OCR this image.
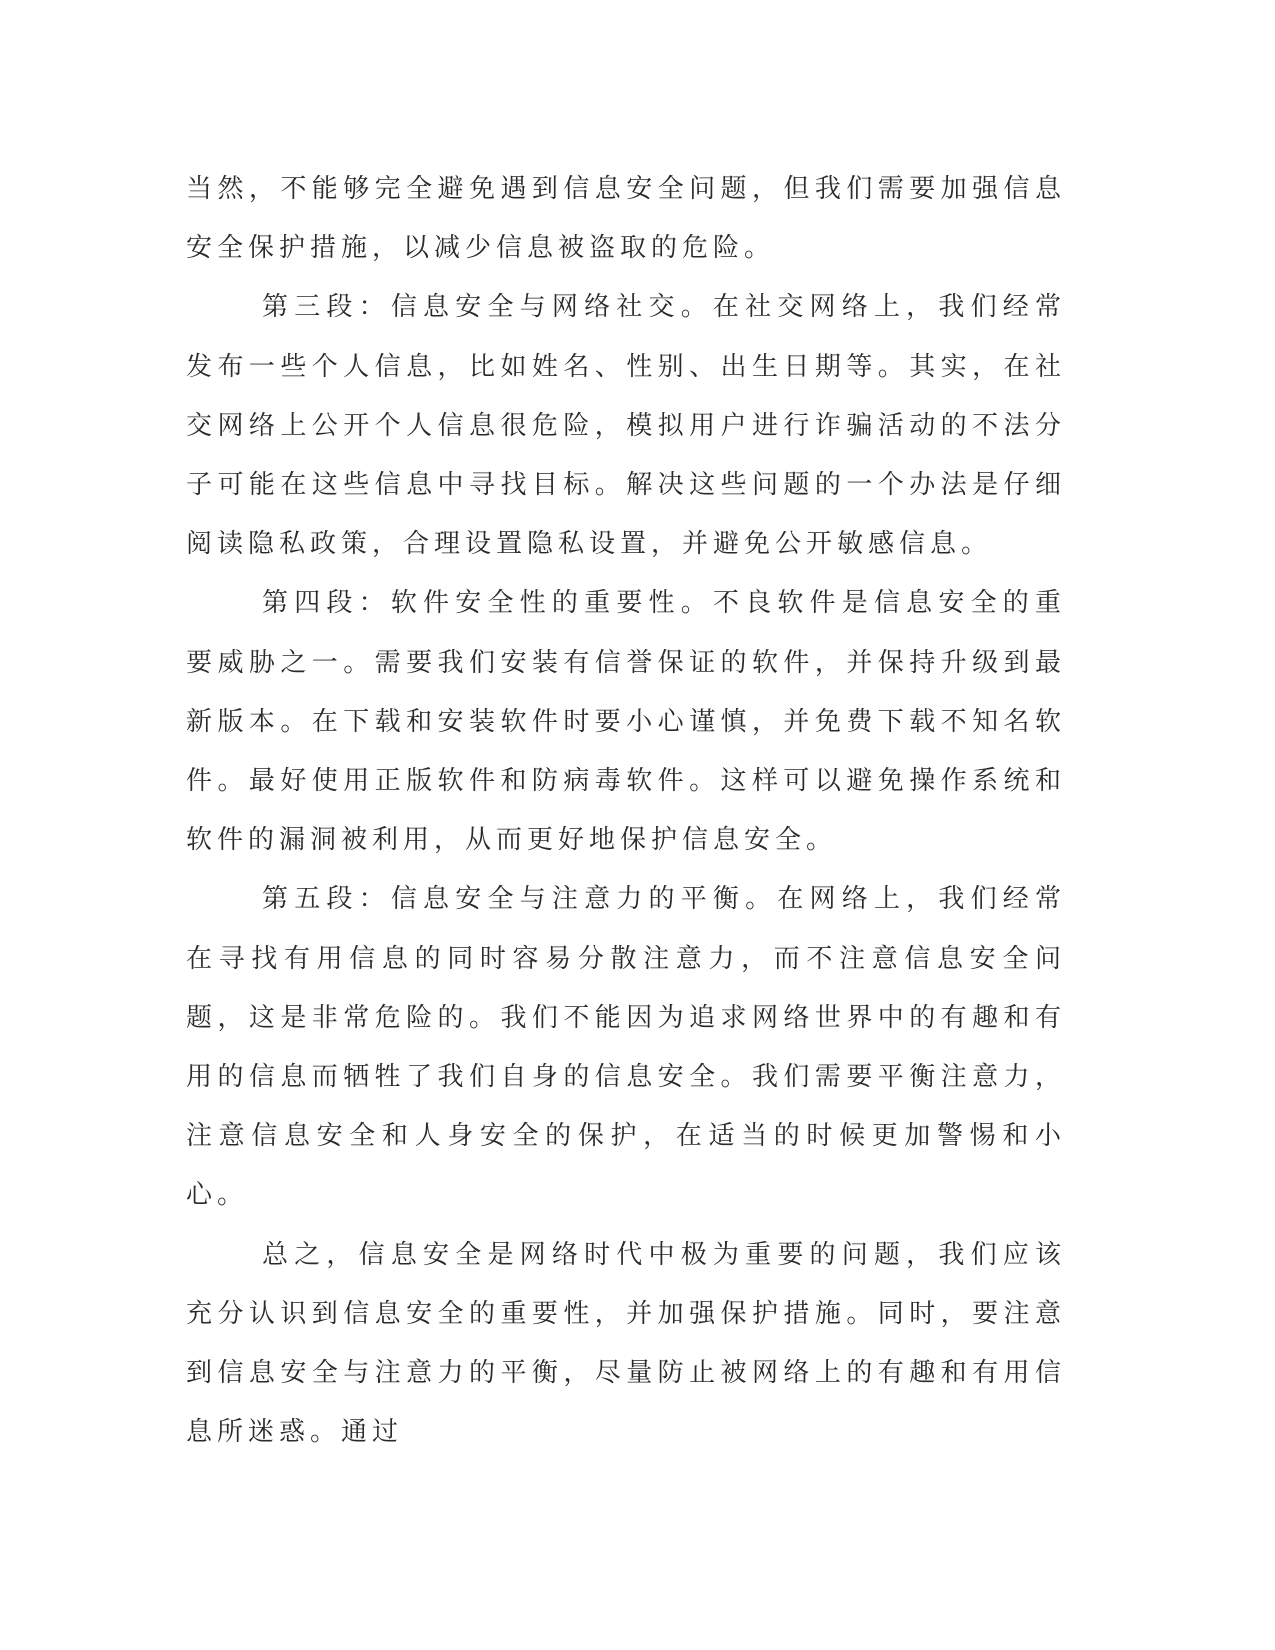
当然，不能够完全避免遇到信息安全问题，但我们需要加强信息安全保护措施，以减少信息被盗取的危险。

第三段：信息安全与网络社交。在社交网络上，我们经常发布一些个人信息，比如姓名、性别、出生日期等。其实，在社交网络上公开个人信息很危险，模拟用户进行诈骗活动的不法分子可能在这些信息中寻找目标。解决这些问题的一个办法是仔细阅读隐私政策，合理设置隐私设置，并避免公开敏感信息。

第四段：软件安全性的重要性。不良软件是信息安全的重要威胁之一。需要我们安装有信誉保证的软件，并保持升级到最新版本。在下载和安装软件时要小心谨慎，并免费下载不知名软件。最好使用正版软件和防病毒软件。这样可以避免操作系统和软件的漏洞被利用，从而更好地保护信息安全。

第五段：信息安全与注意力的平衡。在网络上，我们经常在寻找有用信息的同时容易分散注意力，而不注意信息安全问题，这是非常危险的。我们不能因为追求网络世界中的有趣和有用的信息而牺牲了我们自身的信息安全。我们需要平衡注意力，注意信息安全和人身安全的保护，在适当的时候更加警惕和小心。

总之，信息安全是网络时代中极为重要的问题，我们应该充分认识到信息安全的重要性，并加强保护措施。同时，要注意到信息安全与注意力的平衡，尽量防止被网络上的有趣和有用信息所迷惑。通过
